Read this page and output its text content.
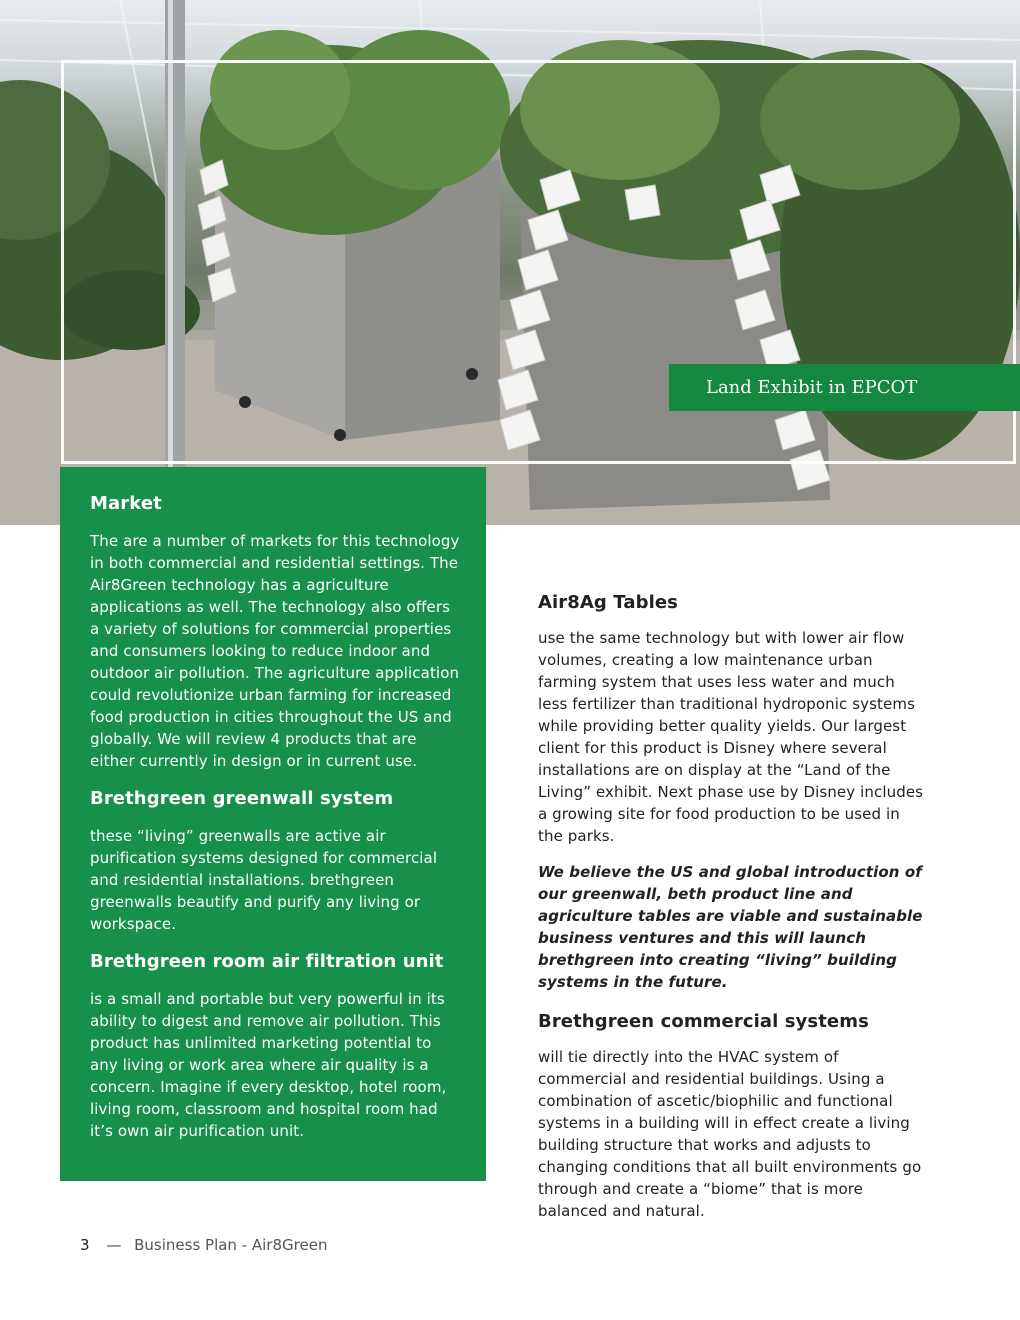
Land Exhibit in EPCOT
Market

The are a number of markets for this technology in both commercial and residential settings. The Air8Green technology has a agriculture applications as well. The technology also offers a variety of solutions for commercial properties and consumers looking to reduce indoor and outdoor air pollution. The agriculture application could revolutionize urban farming for increased food production in cities throughout the US and globally. We will review 4 products that are either currently in design or in current use.

Brethgreen greenwall system

these “living” greenwalls are active air purification systems designed for commercial and residential installations. brethgreen greenwalls beautify and purify any living or workspace.

Brethgreen room air filtration unit

is a small and portable but very powerful in its ability to digest and remove air pollution. This product has unlimited marketing potential to any living or work area where air quality is a concern. Imagine if every desktop, hotel room, living room, classroom and hospital room had it’s own air purification unit.

Air8Ag Tables

use the same technology but with lower air flow volumes, creating a low maintenance urban farming system that uses less water and much less fertilizer than traditional hydroponic systems while providing better quality yields. Our largest client for this product is Disney where several installations are on display at the “Land of the Living” exhibit. Next phase use by Disney includes a growing site for food production to be used in the parks.

We believe the US and global introduction of our greenwall, beth product line and agriculture tables are viable and sustainable business ventures and this will launch brethgreen into creating “living” building systems in the future.

Brethgreen commercial systems

will tie directly into the HVAC system of commercial and residential buildings. Using a combination of ascetic/biophilic and functional systems in a building will in effect create a living building structure that works and adjusts to changing conditions that all built environments go through and create a “biome” that is more balanced and natural.

3 — Business Plan - Air8Green
